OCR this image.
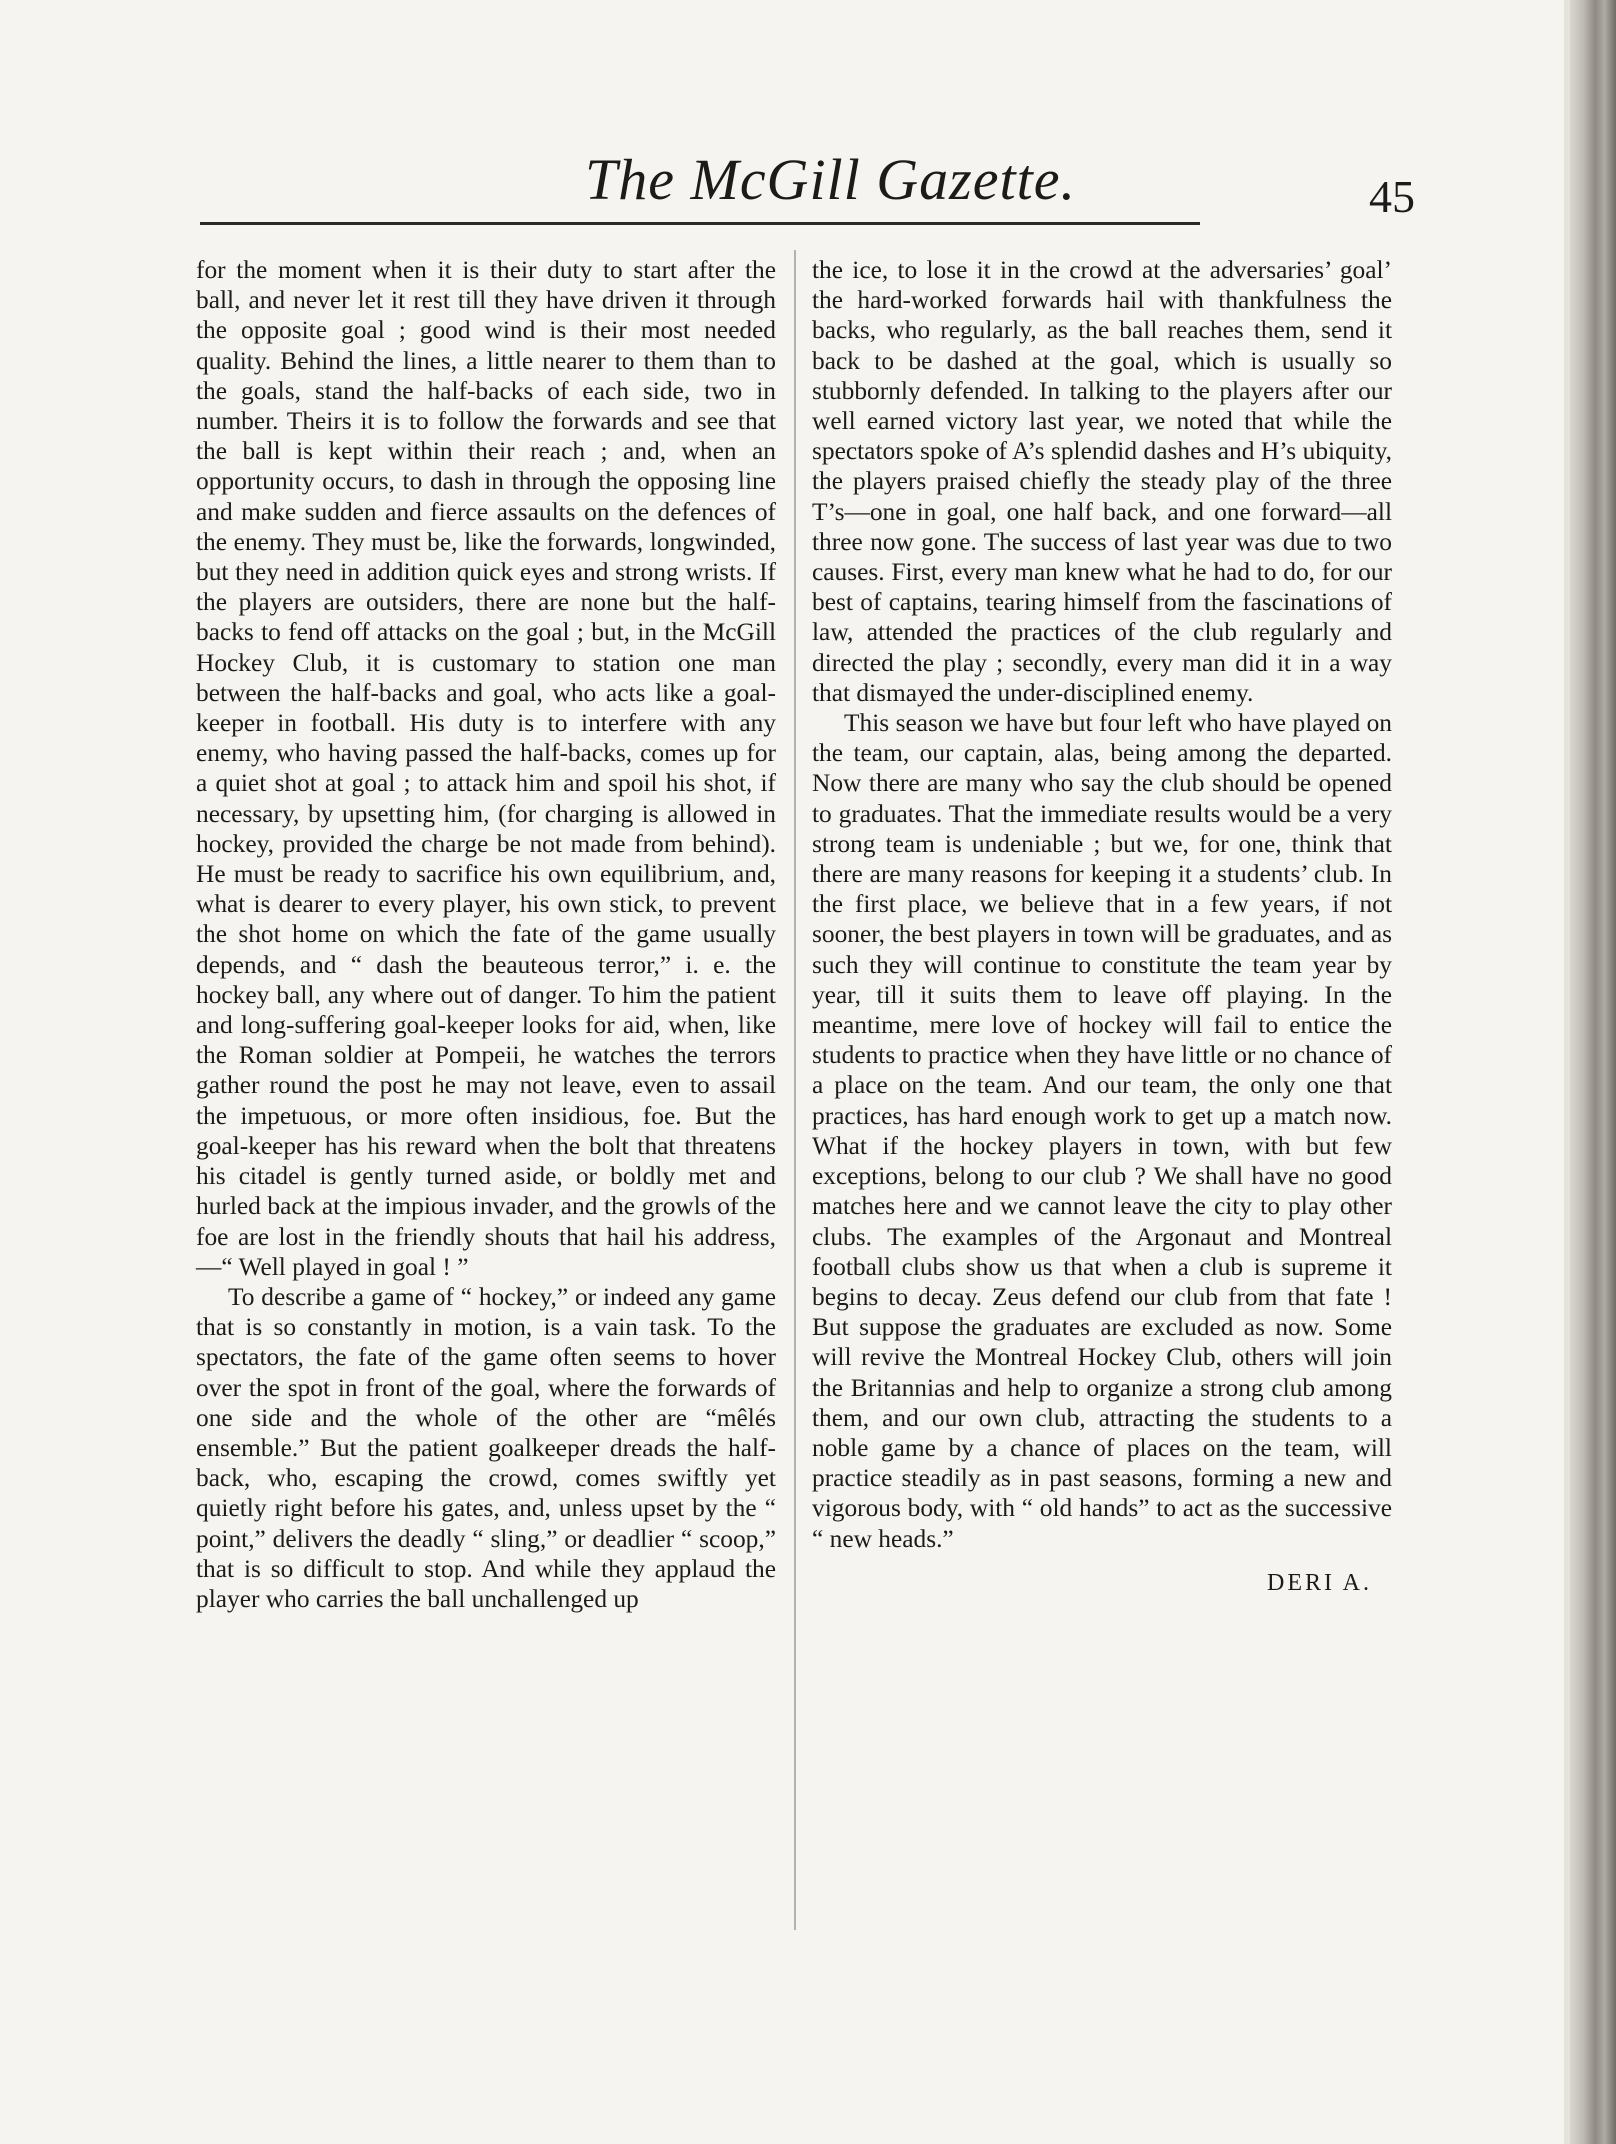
The McGill Gazette.	45

for the moment when it is their duty to start after the ball, and never let it rest till they have driven it through the opposite goal ; good wind is their most needed quality. Behind the lines, a little nearer to them than to the goals, stand the half-backs of each side, two in number. Theirs it is to follow the forwards and see that the ball is kept within their reach ; and, when an opportunity occurs, to dash in through the opposing line and make sudden and fierce assaults on the defences of the enemy. They must be, like the forwards, longwinded, but they need in addition quick eyes and strong wrists. If the players are outsiders, there are none but the half-backs to fend off attacks on the goal ; but, in the McGill Hockey Club, it is customary to station one man between the half-backs and goal, who acts like a goal-keeper in football. His duty is to interfere with any enemy, who having passed the half-backs, comes up for a quiet shot at goal ; to attack him and spoil his shot, if necessary, by upsetting him, (for charging is allowed in hockey, provided the charge be not made from behind). He must be ready to sacrifice his own equilibrium, and, what is dearer to every player, his own stick, to prevent the shot home on which the fate of the game usually depends, and “ dash the beauteous terror,” i. e. the hockey ball, any where out of danger. To him the patient and long-suffering goal-keeper looks for aid, when, like the Roman soldier at Pompeii, he watches the terrors gather round the post he may not leave, even to assail the impetuous, or more often insidious, foe. But the goal-keeper has his reward when the bolt that threatens his citadel is gently turned aside, or boldly met and hurled back at the impious invader, and the growls of the foe are lost in the friendly shouts that hail his address,—“ Well played in goal ! ”

To describe a game of “ hockey,” or indeed any game that is so constantly in motion, is a vain task. To the spectators, the fate of the game often seems to hover over the spot in front of the goal, where the forwards of one side and the whole of the other are “mêlés ensemble.” But the patient goalkeeper dreads the half-back, who, escaping the crowd, comes swiftly yet quietly right before his gates, and, unless upset by the “ point,” delivers the deadly “ sling,” or deadlier “ scoop,” that is so difficult to stop. And while they applaud the player who carries the ball unchallenged up

the ice, to lose it in the crowd at the adversaries’ goal’ the hard-worked forwards hail with thankfulness the backs, who regularly, as the ball reaches them, send it back to be dashed at the goal, which is usually so stubbornly defended. In talking to the players after our well earned victory last year, we noted that while the spectators spoke of A’s splendid dashes and H’s ubiquity, the players praised chiefly the steady play of the three T’s—one in goal, one half back, and one forward—all three now gone. The success of last year was due to two causes. First, every man knew what he had to do, for our best of captains, tearing himself from the fascinations of law, attended the practices of the club regularly and directed the play ; secondly, every man did it in a way that dismayed the under-disciplined enemy.

This season we have but four left who have played on the team, our captain, alas, being among the departed. Now there are many who say the club should be opened to graduates. That the immediate results would be a very strong team is undeniable ; but we, for one, think that there are many reasons for keeping it a students’ club. In the first place, we believe that in a few years, if not sooner, the best players in town will be graduates, and as such they will continue to constitute the team year by year, till it suits them to leave off playing. In the meantime, mere love of hockey will fail to entice the students to practice when they have little or no chance of a place on the team. And our team, the only one that practices, has hard enough work to get up a match now. What if the hockey players in town, with but few exceptions, belong to our club ? We shall have no good matches here and we cannot leave the city to play other clubs. The examples of the Argonaut and Montreal football clubs show us that when a club is supreme it begins to decay. Zeus defend our club from that fate ! But suppose the graduates are excluded as now. Some will revive the Montreal Hockey Club, others will join the Britannias and help to organize a strong club among them, and our own club, attracting the students to a noble game by a chance of places on the team, will practice steadily as in past seasons, forming a new and vigorous body, with “ old hands” to act as the successive “ new heads.”

DERI A.
